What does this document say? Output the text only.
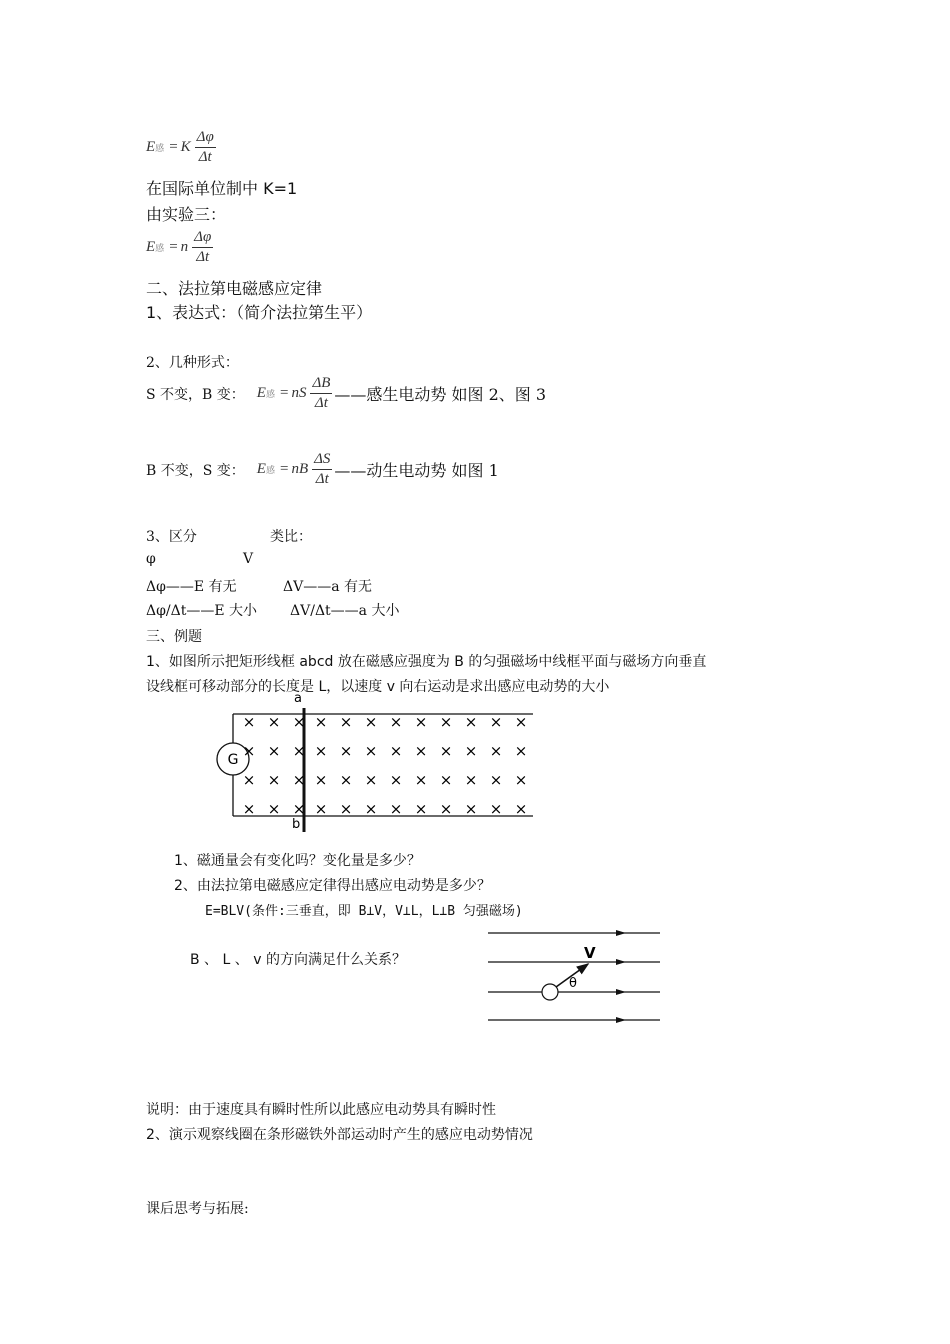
E 感 = K $\frac{\Delta\varphi}{\Delta t}$
在国际单位制中 K=1
由实验三：
E 感 = n $\frac{\Delta\varphi}{\Delta t}$
二、法拉第电磁感应定律
1、表达式：（简介法拉第生平）
2、几种形式：
S 不变，B 变： E 感 = nS $\frac{\Delta B}{\Delta t}$ ——感生电动势 如图 2、图 3
B 不变，S 变： E 感 = nB $\frac{\Delta S}{\Delta t}$ ——动生电动势 如图 1
3、区分	类比：
φ	V
Δφ——E 有无	ΔV——a 有无
Δφ/Δt——E 大小 ΔV/Δt——a 大小
三、例题
1、如图所示把矩形线框 abcd 放在磁感应强度为 B 的匀强磁场中线框平面与磁场方向垂直
设线框可移动部分的长度是 L，以速度 v 向右运动是求出感应电动势的大小
G
a
b
× × × × × × × × × × × ×
× × × × × × × × × × × ×
× × × × × × × × × × × ×
× × × × × × × × × × × ×
1、磁通量会有变化吗？变化量是多少？
2、由法拉第电磁感应定律得出感应电动势是多少？
E=BLV(条件:三垂直，即 B⊥V，V⊥L，L⊥B 匀强磁场)
B 、 L 、 v 的方向满足什么关系？	V
θ
说明：由于速度具有瞬时性所以此感应电动势具有瞬时性
2、演示观察线圈在条形磁铁外部运动时产生的感应电动势情况
课后思考与拓展:
